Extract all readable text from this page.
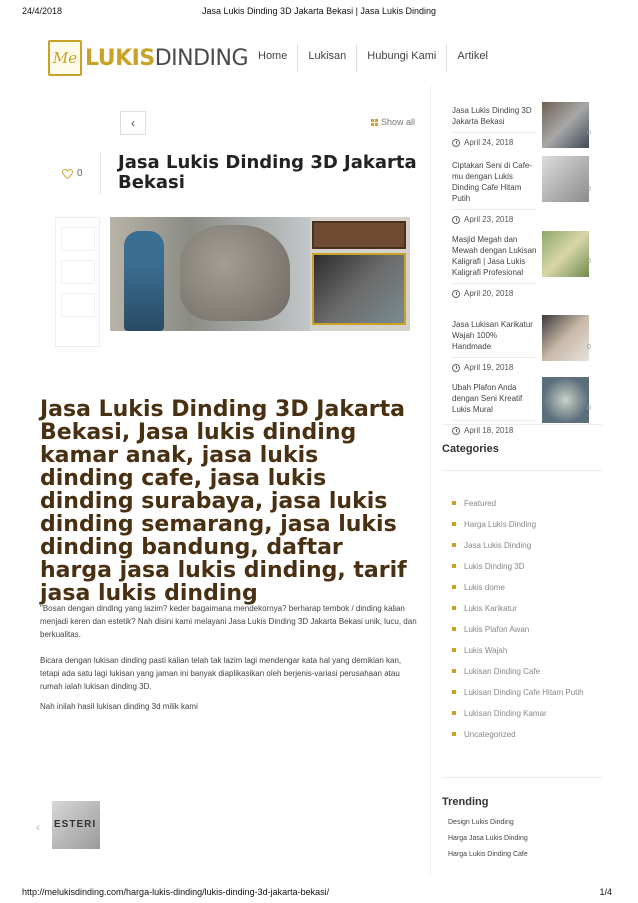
24/4/2018	Jasa Lukis Dinding 3D Jakarta Bekasi | Jasa Lukis Dinding
Me LUKISDINDING Home	Lukisan	Hubungi Kami	Artikel
‹	Show all
0
Jasa Lukis Dinding 3D Jakarta Bekasi
Jasa Lukis Dinding 3D Jakarta Bekasi, Jasa lukis dinding kamar anak, jasa lukis dinding cafe, jasa lukis dinding surabaya, jasa lukis dinding semarang, jasa lukis dinding bandung, daftar harga jasa lukis dinding, tarif jasa lukis dinding

"Bosan dengan dinding yang lazim? keder bagaimana mendekornya? berharap tembok / dinding kalian menjadi keren dan estetik? Nah disini kami melayani Jasa Lukis Dinding 3D Jakarta Bekasi unik, lucu, dan berkualitas.

Bicara dengan lukisan dinding pasti kalian telah tak lazim lagi mendengar kata hal yang demikian kan, tetapi ada satu lagi lukisan yang jaman ini banyak diaplikasikan oleh berjenis-variasi perusahaan atau rumah ialah lukisan dinding 3D.

Nah inilah hasil lukisan dinding 3d milik kami

‹ ESTERI
Jasa Lukis Dinding 3D Jakarta Bekasi
April 24, 2018
0
Ciptakan Seni di Cafe-mu dengan Lukis Dinding Cafe Hitam Putih
April 23, 2018
0
Masjid Megah dan Mewah dengan Lukisan Kaligrafi | Jasa Lukis Kaligrafi Profesional
April 20, 2018
0
Jasa Lukisan Karikatur Wajah 100% Handmade
April 19, 2018
0
Ubah Plafon Anda dengan Seni Kreatif Lukis Mural
April 18, 2018
0
Categories
Featured
Harga Lukis Dinding
Jasa Lukis Dinding
Lukis Dinding 3D
Lukis dome
Lukis Karikatur
Lukis Plafon Awan
Lukis Wajah
Lukisan Dinding Cafe
Lukisan Dinding Cafe Hitam Putih
Lukisan Dinding Kamar
Uncategorized
Trending
Design Lukis Dinding
Harga Jasa Lukis Dinding
Harga Lukis Dinding Cafe
http://melukisdinding.com/harga-lukis-dinding/lukis-dinding-3d-jakarta-bekasi/	1/4
